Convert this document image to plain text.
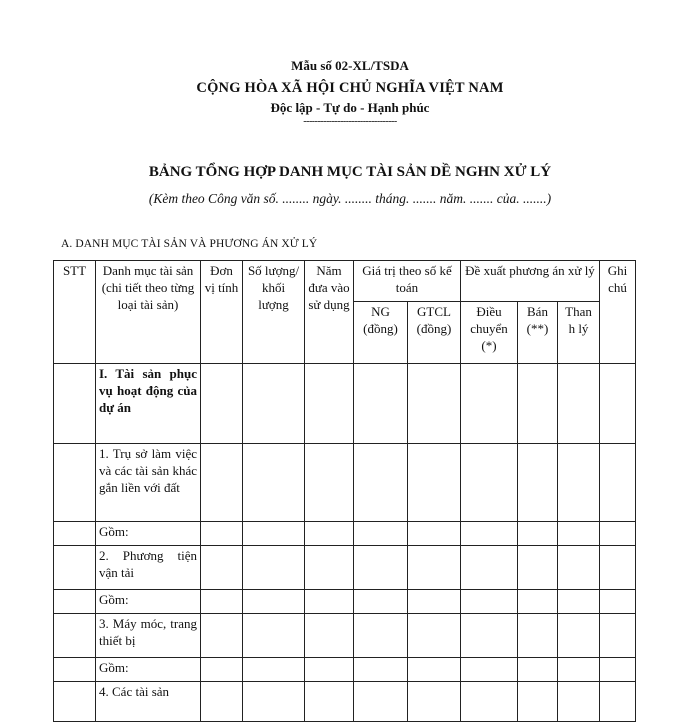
Mẫu số 02-XL/TSDA
CỘNG HÒA XÃ HỘI CHỦ NGHĨA VIỆT NAM
Độc lập - Tự do - Hạnh phúc
---------------------------------
BẢNG TỔNG HỢP DANH MỤC TÀI SẢN DỀ NGHN XỬ LÝ
(Kèm theo Công văn số. ........ ngày. ........ tháng. ....... năm. ....... của. .......)
A. DANH MỤC TÀI SẢN VÀ PHƯƠNG ÁN XỬ LÝ
STT	Danh mục tài sản (chi tiết theo từng loại tài sản)	Đơn vị tính	Số lượng/ khối lượng	Năm đưa vào sử dụng	Giá trị theo số kế toán		Đề xuất phương án xử lý			Ghi chú
					NG (đồng)	GTCL (đồng)	Điều chuyển (*)	Bán (**)	Than h lý	
	I. Tài sản phục vụ hoạt động của dự án									
	1. Trụ sở làm việc và các tài sản khác gắn liền với đất									
	Gồm:									
	2. Phương tiện vận tải									
	Gồm:									
	3. Máy móc, trang thiết bị									
	Gồm:									
	4. Các tài sản									
